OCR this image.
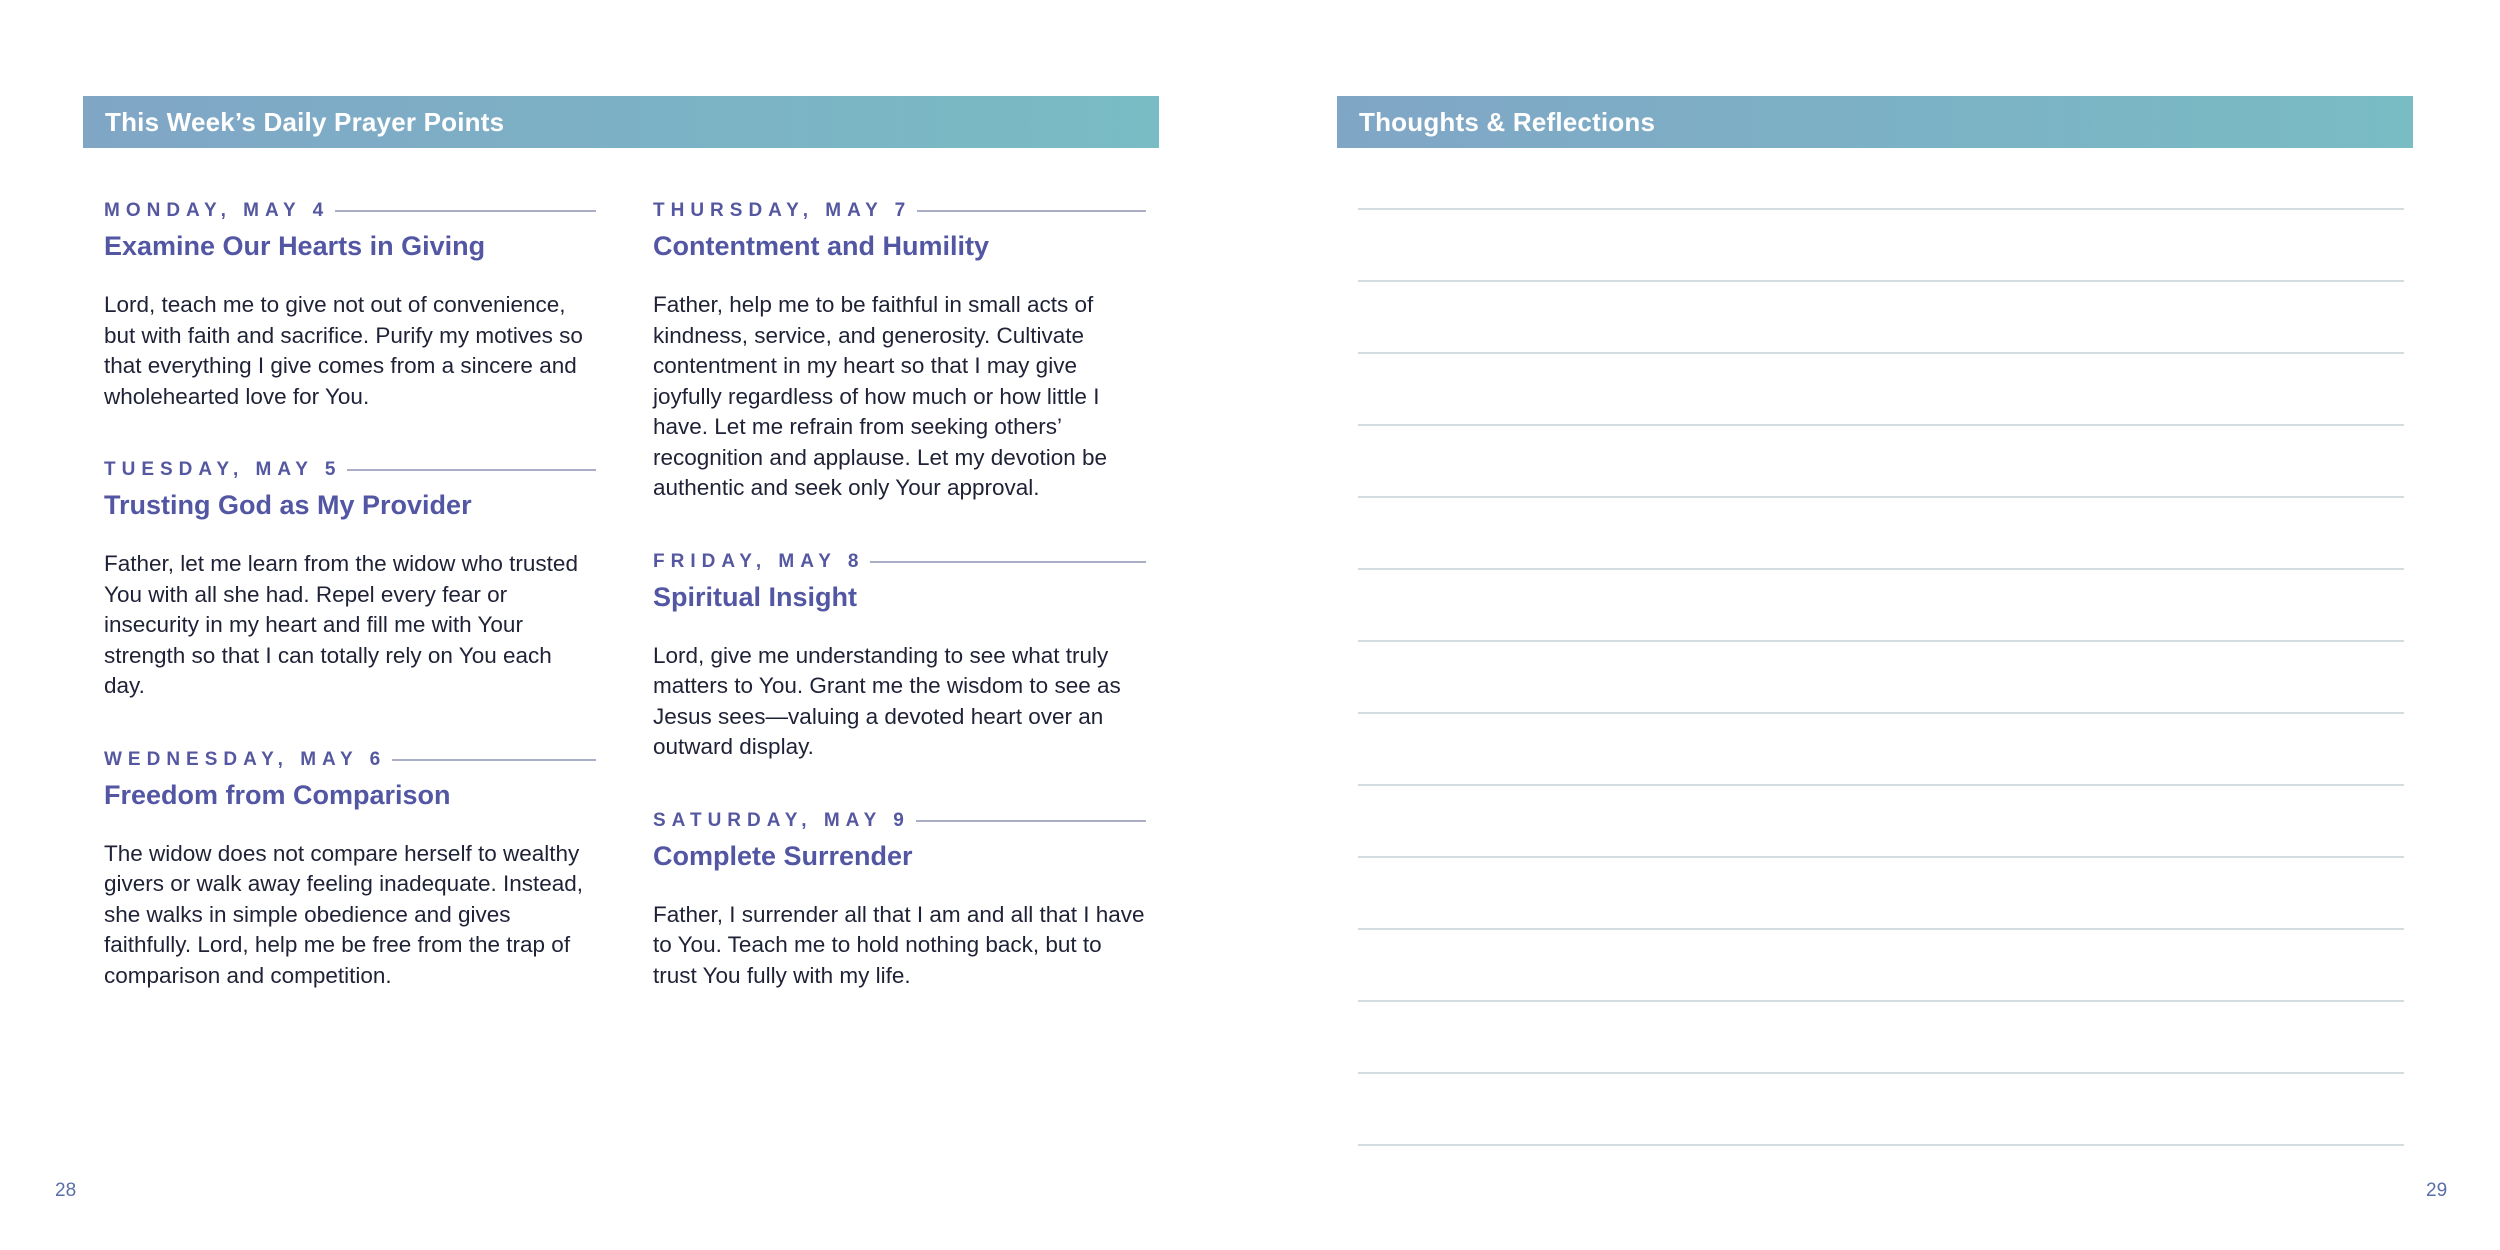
This Week’s Daily Prayer Points
MONDAY, MAY 4
Examine Our Hearts in Giving
Lord, teach me to give not out of convenience, but with faith and sacrifice. Purify my motives so that everything I give comes from a sincere and wholehearted love for You.
TUESDAY, MAY 5
Trusting God as My Provider
Father, let me learn from the widow who trusted You with all she had. Repel every fear or insecurity in my heart and fill me with Your strength so that I can totally rely on You each day.
WEDNESDAY, MAY 6
Freedom from Comparison
The widow does not compare herself to wealthy givers or walk away feeling inadequate. Instead, she walks in simple obedience and gives faithfully. Lord, help me be free from the trap of comparison and competition.
THURSDAY, MAY 7
Contentment and Humility
Father, help me to be faithful in small acts of kindness, service, and generosity. Cultivate contentment in my heart so that I may give joyfully regardless of how much or how little I have. Let me refrain from seeking others’ recognition and applause. Let my devotion be authentic and seek only Your approval.
FRIDAY, MAY 8
Spiritual Insight
Lord, give me understanding to see what truly matters to You. Grant me the wisdom to see as Jesus sees—valuing a devoted heart over an outward display.
SATURDAY, MAY 9
Complete Surrender
Father, I surrender all that I am and all that I have to You. Teach me to hold nothing back, but to trust You fully with my life.
28
Thoughts & Reflections
29
